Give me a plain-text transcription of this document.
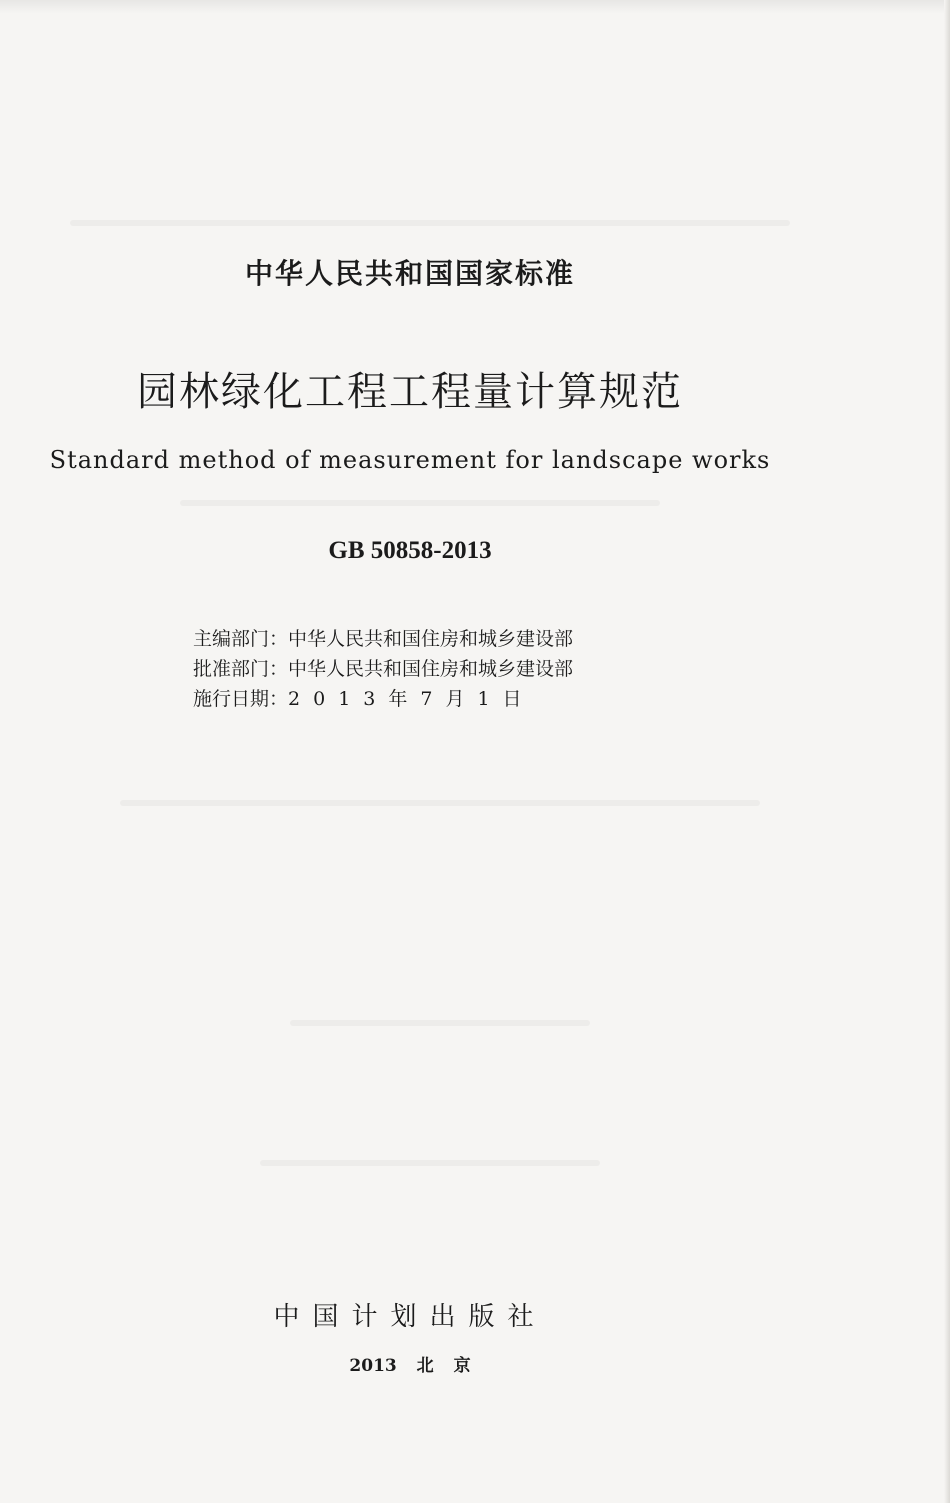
中华人民共和国国家标准
园林绿化工程工程量计算规范
Standard method of measurement for landscape works
GB 50858-2013
主编部门： 中华人民共和国住房和城乡建设部
批准部门： 中华人民共和国住房和城乡建设部
施行日期： 2013年7月1日
中国计划出版社
2013 北 京
